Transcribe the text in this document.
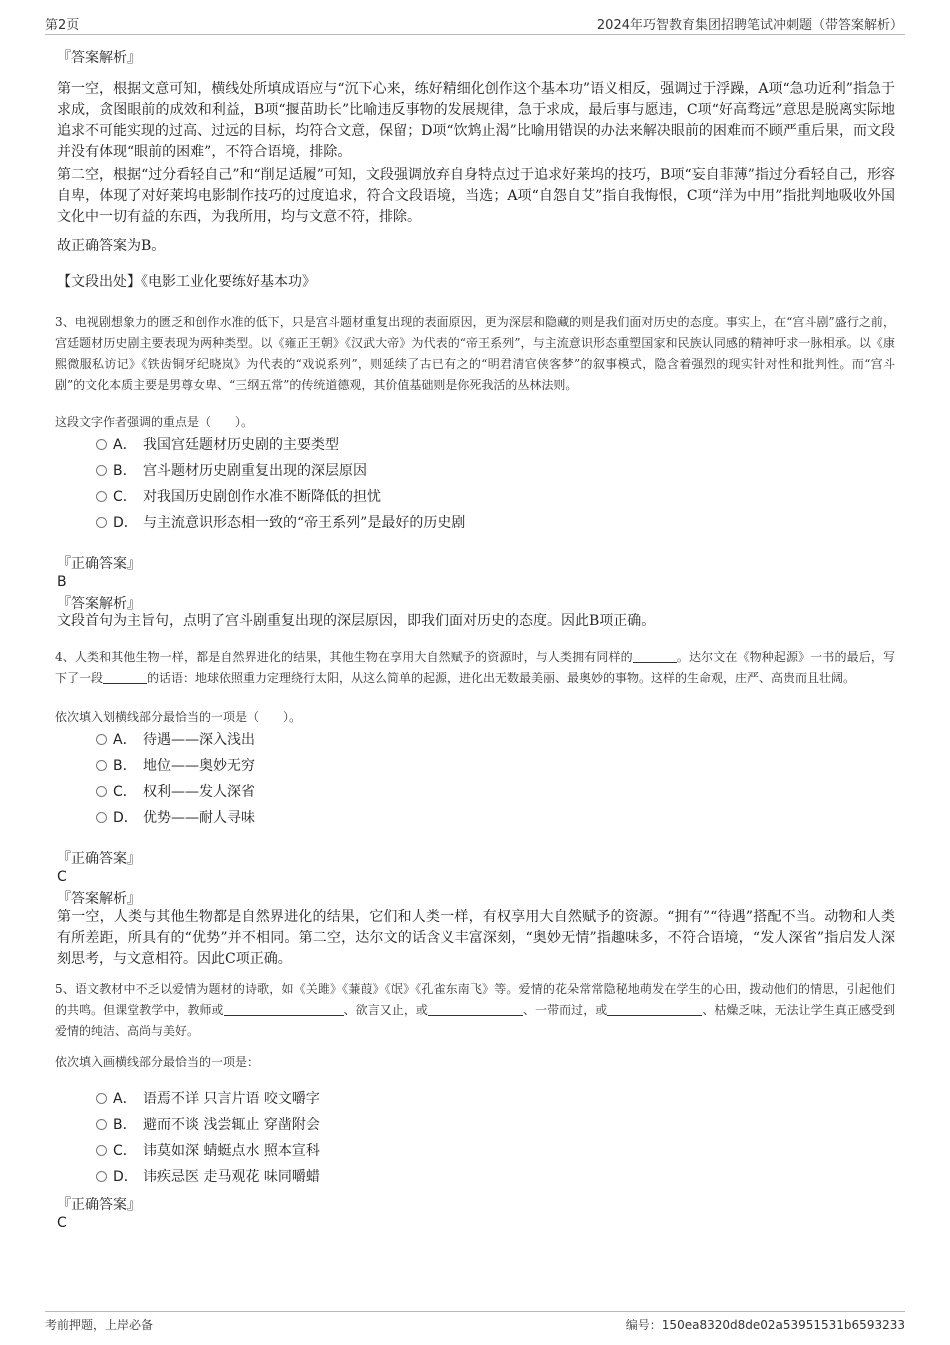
第2页	2024年巧智教育集团招聘笔试冲刺题（带答案解析）
『答案解析』
第一空，根据文意可知，横线处所填成语应与“沉下心来，练好精细化创作这个基本功”语义相反，强调过于浮躁，A项“急功近利”指急于求成，贪图眼前的成效和利益，B项“揠苗助长”比喻违反事物的发展规律，急于求成，最后事与愿违，C项“好高骛远”意思是脱离实际地追求不可能实现的过高、过远的目标，均符合文意，保留；D项“饮鸩止渴”比喻用错误的办法来解决眼前的困难而不顾严重后果，而文段并没有体现“眼前的困难”，不符合语境，排除。
第二空，根据“过分看轻自己”和“削足适履”可知，文段强调放弃自身特点过于追求好莱坞的技巧，B项“妄自菲薄”指过分看轻自己，形容自卑，体现了对好莱坞电影制作技巧的过度追求，符合文段语境，当选；A项“自怨自艾”指自我悔恨，C项“洋为中用”指批判地吸收外国文化中一切有益的东西，为我所用，均与文意不符，排除。
故正确答案为B。
【文段出处】《电影工业化要练好基本功》
3、电视剧想象力的匮乏和创作水准的低下，只是宫斗题材重复出现的表面原因，更为深层和隐藏的则是我们面对历史的态度。事实上，在“宫斗剧”盛行之前，宫廷题材历史剧主要表现为两种类型。以《雍正王朝》《汉武大帝》为代表的“帝王系列”，与主流意识形态重塑国家和民族认同感的精神吁求一脉相承。以《康熙微服私访记》《铁齿铜牙纪晓岚》为代表的“戏说系列”，则延续了古已有之的“明君清官侠客梦”的叙事模式，隐含着强烈的现实针对性和批判性。而“宫斗剧”的文化本质主要是男尊女卑、“三纲五常”的传统道德观，其价值基础则是你死我活的丛林法则。
这段文字作者强调的重点是（　　）。
A． 我国宫廷题材历史剧的主要类型
B． 宫斗题材历史剧重复出现的深层原因
C． 对我国历史剧创作水准不断降低的担忧
D． 与主流意识形态相一致的“帝王系列”是最好的历史剧
『正确答案』
B
『答案解析』
文段首句为主旨句，点明了宫斗剧重复出现的深层原因，即我们面对历史的态度。因此B项正确。
4、人类和其他生物一样，都是自然界进化的结果，其他生物在享用大自然赋予的资源时，与人类拥有同样的	。达尔文在《物种起源》一书的最后，写下了一段	的话语：地球依照重力定理绕行太阳，从这么简单的起源，进化出无数最美丽、最奥妙的事物。这样的生命观，庄严、高贵而且壮阔。
依次填入划横线部分最恰当的一项是（　　）。
A． 待遇——深入浅出
B． 地位——奥妙无穷
C． 权利——发人深省
D． 优势——耐人寻味
『正确答案』
C
『答案解析』
第一空，人类与其他生物都是自然界进化的结果，它们和人类一样，有权享用大自然赋予的资源。“拥有”“待遇”搭配不当。动物和人类有所差距，所具有的“优势”并不相同。第二空，达尔文的话含义丰富深刻，“奥妙无情”指趣味多，不符合语境，“发人深省”指启发人深刻思考，与文意相符。因此C项正确。
5、语文教材中不乏以爱情为题材的诗歌，如《关雎》《蒹葭》《氓》《孔雀东南飞》等。爱情的花朵常常隐秘地萌发在学生的心田，拨动他们的情思，引起他们的共鸣。但课堂教学中，教师或	、欲言又止，或	、一带而过，或	、枯燥乏味，无法让学生真正感受到爱情的纯洁、高尚与美好。
依次填入画横线部分最恰当的一项是：
A． 语焉不详 只言片语 咬文嚼字
B． 避而不谈 浅尝辄止 穿凿附会
C． 讳莫如深 蜻蜓点水 照本宣科
D． 讳疾忌医 走马观花 味同嚼蜡
『正确答案』
C
考前押题，上岸必备	编号：150ea8320d8de02a53951531b6593233
